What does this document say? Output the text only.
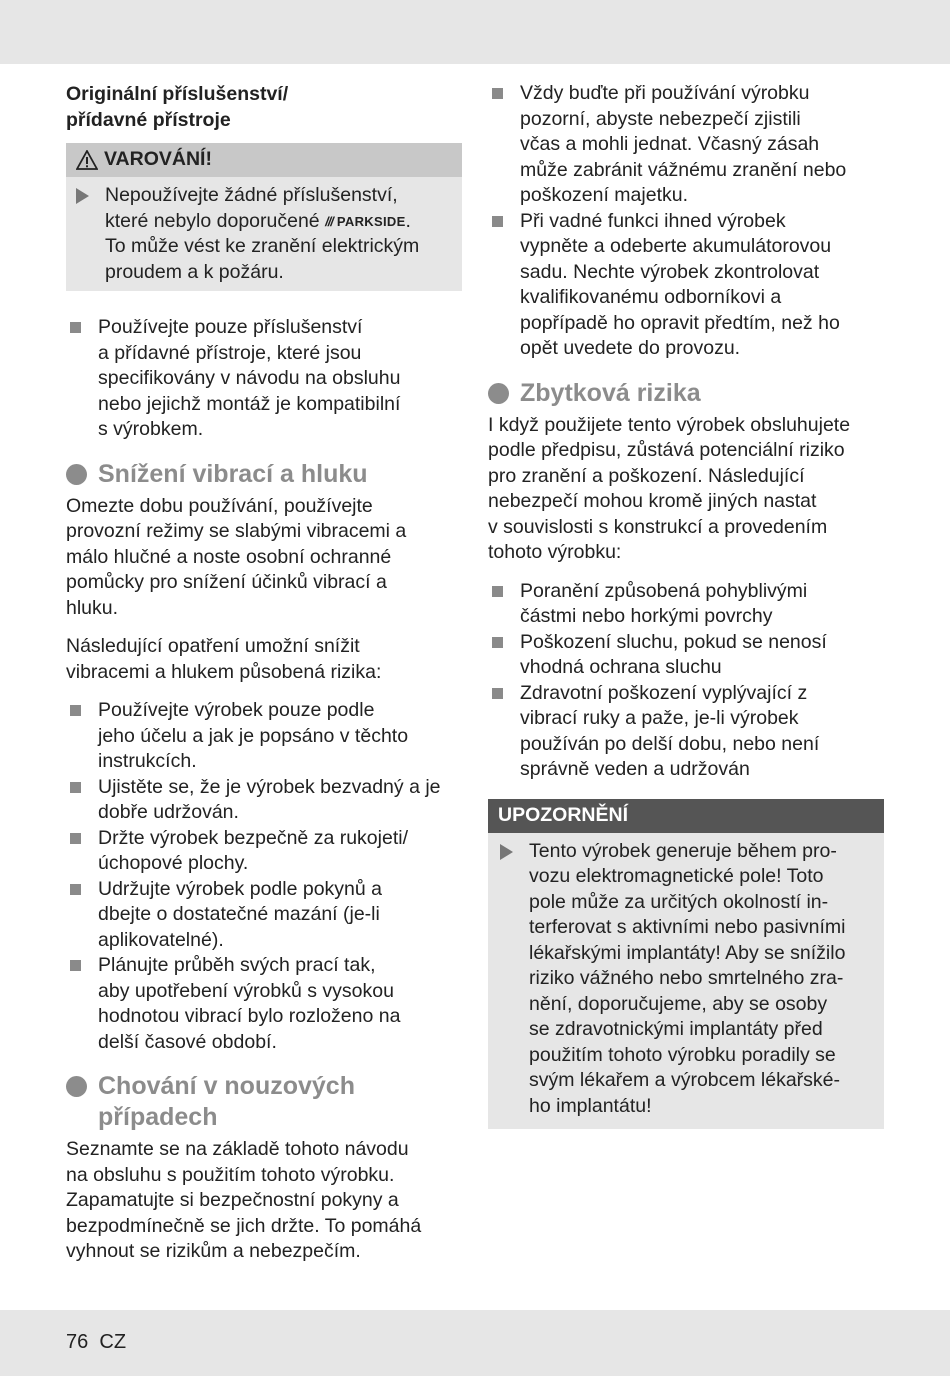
Originální příslušenství/
přídavné přístroje
VAROVÁNÍ!
Nepoužívejte žádné příslušenství,
které nebylo doporučené /// PARKSIDE.
To může vést ke zranění elektrickým
proudem a k požáru.
Používejte pouze příslušenství
a přídavné přístroje, které jsou
specifikovány v návodu na obsluhu
nebo jejichž montáž je kompatibilní
s výrobkem.
Snížení vibrací a hluku
Omezte dobu používání, používejte
provozní režimy se slabými vibracemi a
málo hlučné a noste osobní ochranné
pomůcky pro snížení účinků vibrací a
hluku.
Následující opatření umožní snížit
vibracemi a hlukem působená rizika:
Používejte výrobek pouze podle
jeho účelu a jak je popsáno v těchto
instrukcích.
Ujistěte se, že je výrobek bezvadný a je
dobře udržován.
Držte výrobek bezpečně za rukojeti/
úchopové plochy.
Udržujte výrobek podle pokynů a
dbejte o dostatečné mazání (je-li
aplikovatelné).
Plánujte průběh svých prací tak,
aby upotřebení výrobků s vysokou
hodnotou vibrací bylo rozloženo na
delší časové období.
Chování v nouzových
případech
Seznamte se na základě tohoto návodu
na obsluhu s použitím tohoto výrobku.
Zapamatujte si bezpečnostní pokyny a
bezpodmínečně se jich držte. To pomáhá
vyhnout se rizikům a nebezpečím.
Vždy buďte při používání výrobku
pozorní, abyste nebezpečí zjistili
včas a mohli jednat. Včasný zásah
může zabránit vážnému zranění nebo
poškození majetku.
Při vadné funkci ihned výrobek
vypněte a odeberte akumulátorovou
sadu. Nechte výrobek zkontrolovat
kvalifikovanému odborníkovi a
popřípadě ho opravit předtím, než ho
opět uvedete do provozu.
Zbytková rizika
I když použijete tento výrobek obsluhujete
podle předpisu, zůstává potenciální riziko
pro zranění a poškození. Následující
nebezpečí mohou kromě jiných nastat
v souvislosti s konstrukcí a provedením
tohoto výrobku:
Poranění způsobená pohyblivými
částmi nebo horkými povrchy
Poškození sluchu, pokud se nenosí
vhodná ochrana sluchu
Zdravotní poškození vyplývající z
vibrací ruky a paže, je-li výrobek
používán po delší dobu, nebo není
správně veden a udržován
UPOZORNĚNÍ
Tento výrobek generuje během pro-
vozu elektromagnetické pole! Toto
pole může za určitých okolností in-
terferovat s aktivními nebo pasivními
lékařskými implantáty! Aby se snížilo
riziko vážného nebo smrtelného zra-
nění, doporučujeme, aby se osoby
se zdravotnickými implantáty před
použitím tohoto výrobku poradily se
svým lékařem a výrobcem lékařské-
ho implantátu!
76 CZ
